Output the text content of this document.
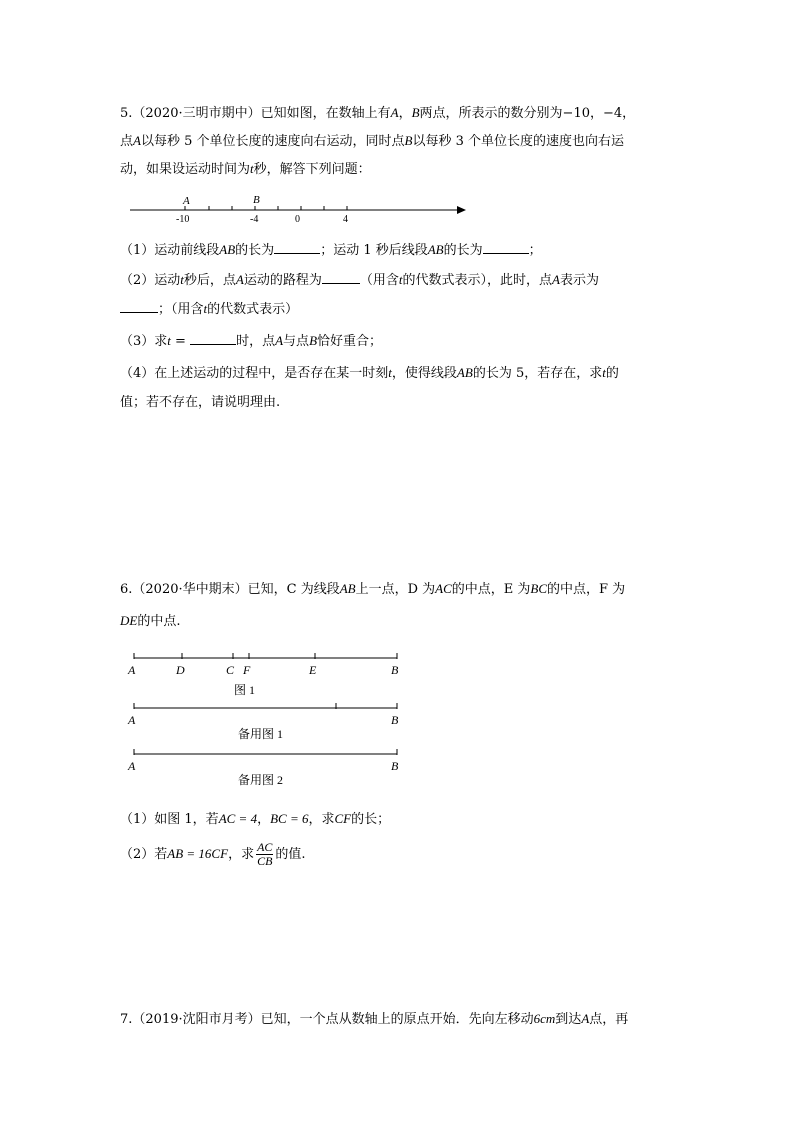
5.（2020·三明市期中）已知如图，在数轴上有A，B两点，所表示的数分别为−10，−4，
点A以每秒 5 个单位长度的速度向右运动，同时点B以每秒 3 个单位长度的速度也向右运
动，如果设运动时间为t秒，解答下列问题：
A	B
-10	-4	0	4
（1）运动前线段AB的长为	；运动 1 秒后线段AB的长为	；
（2）运动t秒后，点A运动的路程为	（用含t的代数式表示），此时，点A表示为
；（用含t的代数式表示）
（3）求t =	时，点A与点B恰好重合；
（4）在上述运动的过程中，是否存在某一时刻t，使得线段AB的长为 5，若存在，求t的
值；若不存在，请说明理由.
6.（2020·华中期末）已知，C 为线段AB上一点，D 为AC的中点，E 为BC的中点，F 为
DE的中点.
A	D	C F	E	B
图 1
A	B
备用图 1
A	B
备用图 2
（1）如图 1，若AC = 4，BC = 6，求CF的长；
（2）若AB = 16CF，求 $\frac{AC}{CB}$ 的值.
7.（2019·沈阳市月考）已知，一个点从数轴上的原点开始．先向左移动6cm到达A点，再
